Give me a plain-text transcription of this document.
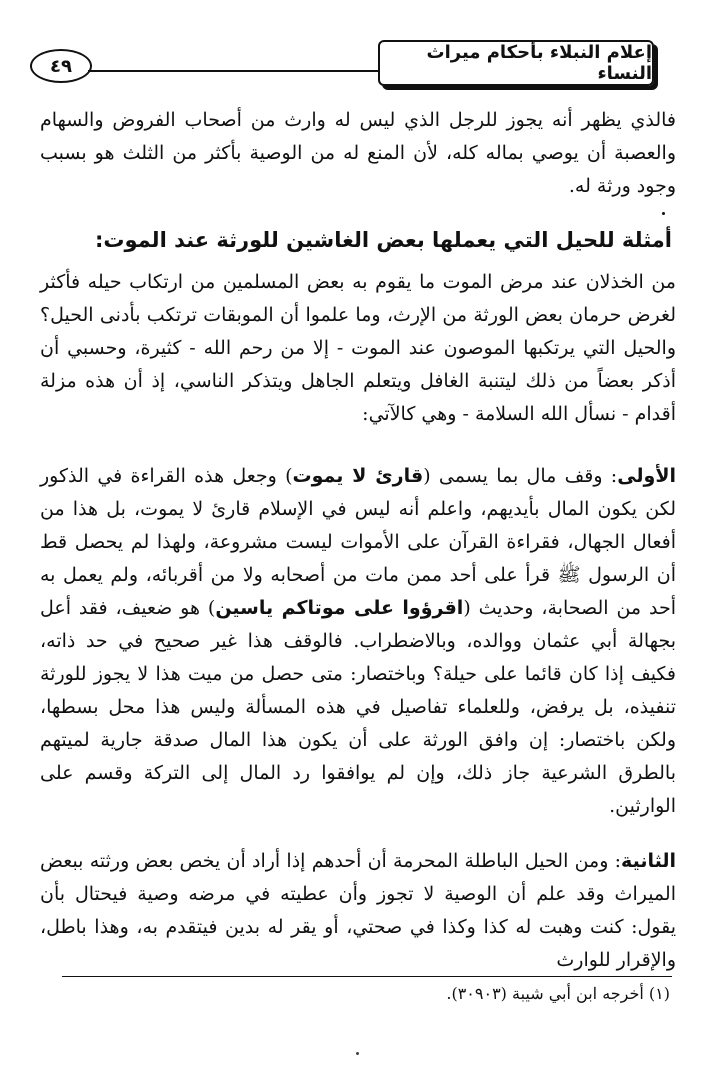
إعلام النبلاء بأحكام ميراث النساء
٤٩

فالذي يظهر أنه يجوز للرجل الذي ليس له وارث من أصحاب الفروض والسهام والعصبة أن يوصي بماله كله، لأن المنع له من الوصية بأكثر من الثلث هو بسبب وجود ورثة له.

أمثلة للحيل التي يعملها بعض الغاشين للورثة عند الموت:

من الخذلان عند مرض الموت ما يقوم به بعض المسلمين من ارتكاب حيله فأكثر لغرض حرمان بعض الورثة من الإرث، وما علموا أن الموبقات ترتكب بأدنى الحيل؟ والحيل التي يرتكبها الموصون عند الموت - إلا من رحم الله - كثيرة، وحسبي أن أذكر بعضاً من ذلك ليتنبة الغافل ويتعلم الجاهل ويتذكر الناسي، إذ أن هذه مزلة أقدام - نسأل الله السلامة - وهي كالآتي:

الأولى: وقف مال بما يسمى (قارئ لا يموت) وجعل هذه القراءة في الذكور لكن يكون المال بأيديهم، واعلم أنه ليس في الإسلام قارئ لا يموت، بل هذا من أفعال الجهال، فقراءة القرآن على الأموات ليست مشروعة، ولهذا لم يحصل قط أن الرسول ﷺ قرأ على أحد ممن مات من أصحابه ولا من أقربائه، ولم يعمل به أحد من الصحابة، وحديث (اقرؤوا على موتاكم ياسين) هو ضعيف، فقد أعل بجهالة أبي عثمان ووالده، وبالاضطراب. فالوقف هذا غير صحيح في حد ذاته، فكيف إذا كان قائما على حيلة؟ وباختصار: متى حصل من ميت هذا لا يجوز للورثة تنفيذه، بل يرفض، وللعلماء تفاصيل في هذه المسألة وليس هذا محل بسطها، ولكن باختصار: إن وافق الورثة على أن يكون هذا المال صدقة جارية لميتهم بالطرق الشرعية جاز ذلك، وإن لم يوافقوا رد المال إلى التركة وقسم على الوارثين.

الثانية: ومن الحيل الباطلة المحرمة أن أحدهم إذا أراد أن يخص بعض ورثته ببعض الميراث وقد علم أن الوصية لا تجوز وأن عطيته في مرضه وصية فيحتال بأن يقول: كنت وهبت له كذا وكذا في صحتي، أو يقر له بدين فيتقدم به، وهذا باطل، والإقرار للوارث

(١) أخرجه ابن أبي شيبة (٣٠٩٠٣).
